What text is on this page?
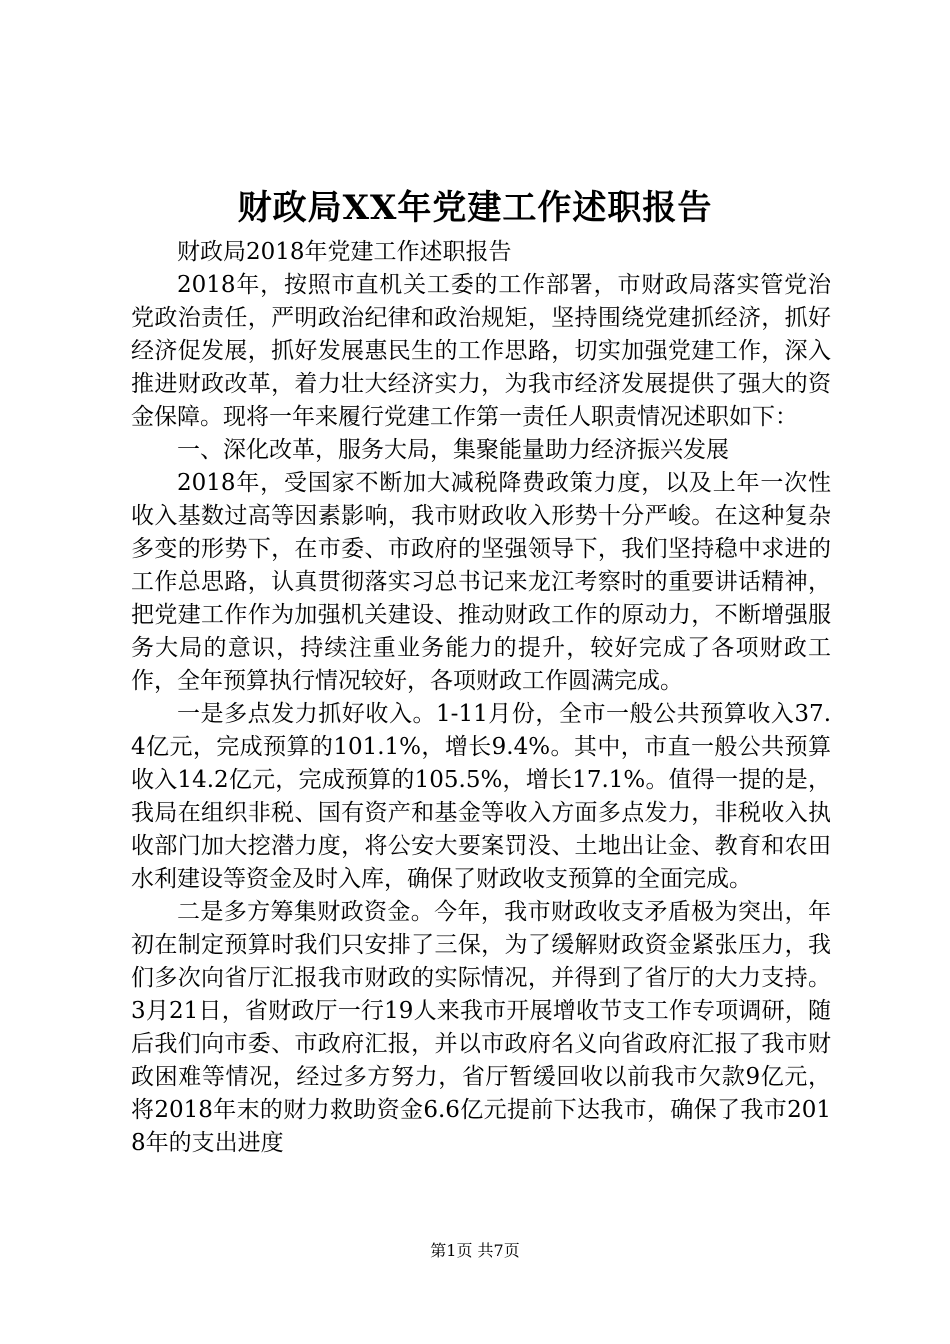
财政局XX年党建工作述职报告

财政局2018年党建工作述职报告

2018年，按照市直机关工委的工作部署，市财政局落实管党治党政治责任，严明政治纪律和政治规矩，坚持围绕党建抓经济，抓好经济促发展，抓好发展惠民生的工作思路，切实加强党建工作，深入推进财政改革，着力壮大经济实力，为我市经济发展提供了强大的资金保障。现将一年来履行党建工作第一责任人职责情况述职如下：

一、深化改革，服务大局，集聚能量助力经济振兴发展

2018年，受国家不断加大减税降费政策力度，以及上年一次性收入基数过高等因素影响，我市财政收入形势十分严峻。在这种复杂多变的形势下，在市委、市政府的坚强领导下，我们坚持稳中求进的工作总思路，认真贯彻落实习总书记来龙江考察时的重要讲话精神，把党建工作作为加强机关建设、推动财政工作的原动力，不断增强服务大局的意识，持续注重业务能力的提升，较好完成了各项财政工作，全年预算执行情况较好，各项财政工作圆满完成。

一是多点发力抓好收入。1-11月份，全市一般公共预算收入37.4亿元，完成预算的101.1%，增长9.4%。其中，市直一般公共预算收入14.2亿元，完成预算的105.5%，增长17.1%。值得一提的是，我局在组织非税、国有资产和基金等收入方面多点发力，非税收入执收部门加大挖潜力度，将公安大要案罚没、土地出让金、教育和农田水利建设等资金及时入库，确保了财政收支预算的全面完成。

二是多方筹集财政资金。今年，我市财政收支矛盾极为突出，年初在制定预算时我们只安排了三保，为了缓解财政资金紧张压力，我们多次向省厅汇报我市财政的实际情况，并得到了省厅的大力支持。3月21日，省财政厅一行19人来我市开展增收节支工作专项调研，随后我们向市委、市政府汇报，并以市政府名义向省政府汇报了我市财政困难等情况，经过多方努力，省厅暂缓回收以前我市欠款9亿元，将2018年末的财力救助资金6.6亿元提前下达我市，确保了我市2018年的支出进度

第1页 共7页
